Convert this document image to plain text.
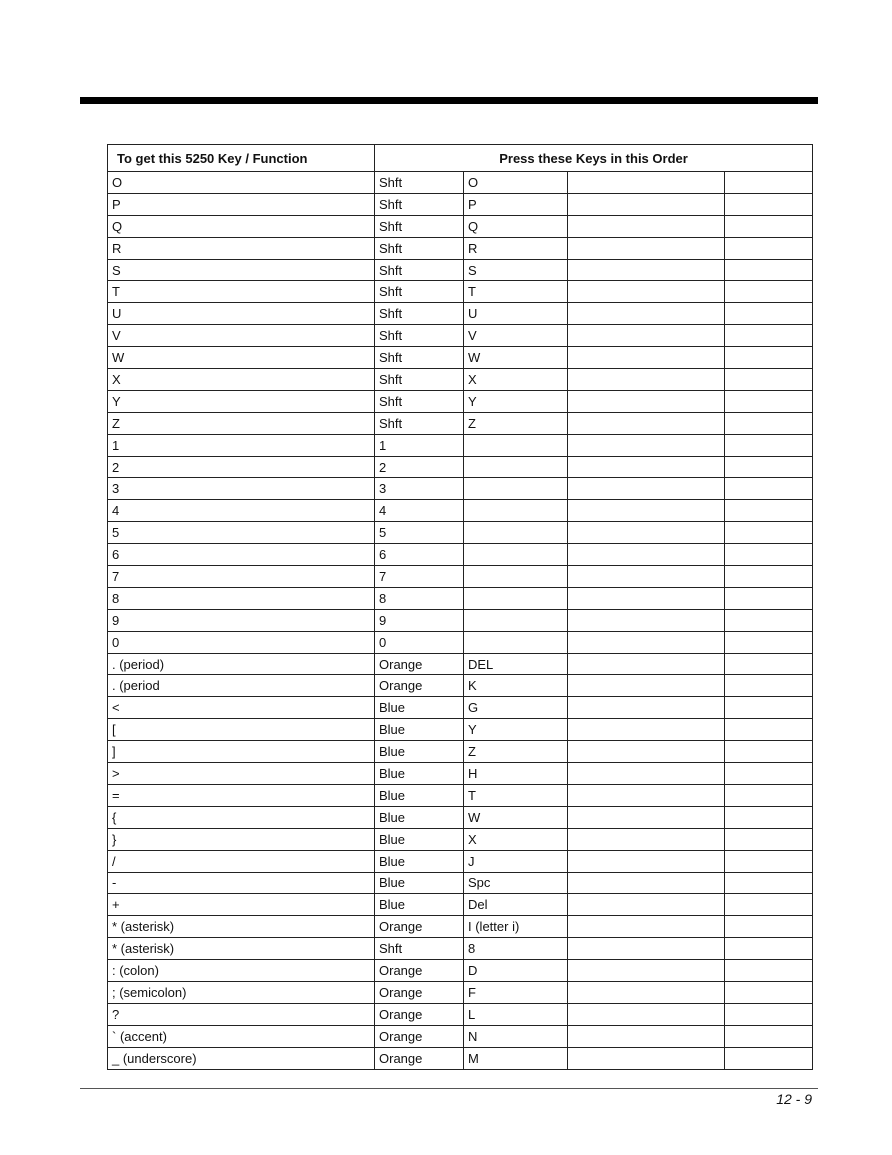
To get this 5250 Key / Function	Press these Keys in this Order			
O	Shft	O		
P	Shft	P		
Q	Shft	Q		
R	Shft	R		
S	Shft	S		
T	Shft	T		
U	Shft	U		
V	Shft	V		
W	Shft	W		
X	Shft	X		
Y	Shft	Y		
Z	Shft	Z		
1	1			
2	2			
3	3			
4	4			
5	5			
6	6			
7	7			
8	8			
9	9			
0	0			
. (period)	Orange	DEL		
. (period	Orange	K		
<	Blue	G		
[	Blue	Y		
]	Blue	Z		
>	Blue	H		
=	Blue	T		
{	Blue	W		
}	Blue	X		
/	Blue	J		
-	Blue	Spc		
+	Blue	Del		
* (asterisk)	Orange	I (letter i)		
* (asterisk)	Shft	8		
: (colon)	Orange	D		
; (semicolon)	Orange	F		
?	Orange	L		
` (accent)	Orange	N		
_ (underscore)	Orange	M		
12 - 9
